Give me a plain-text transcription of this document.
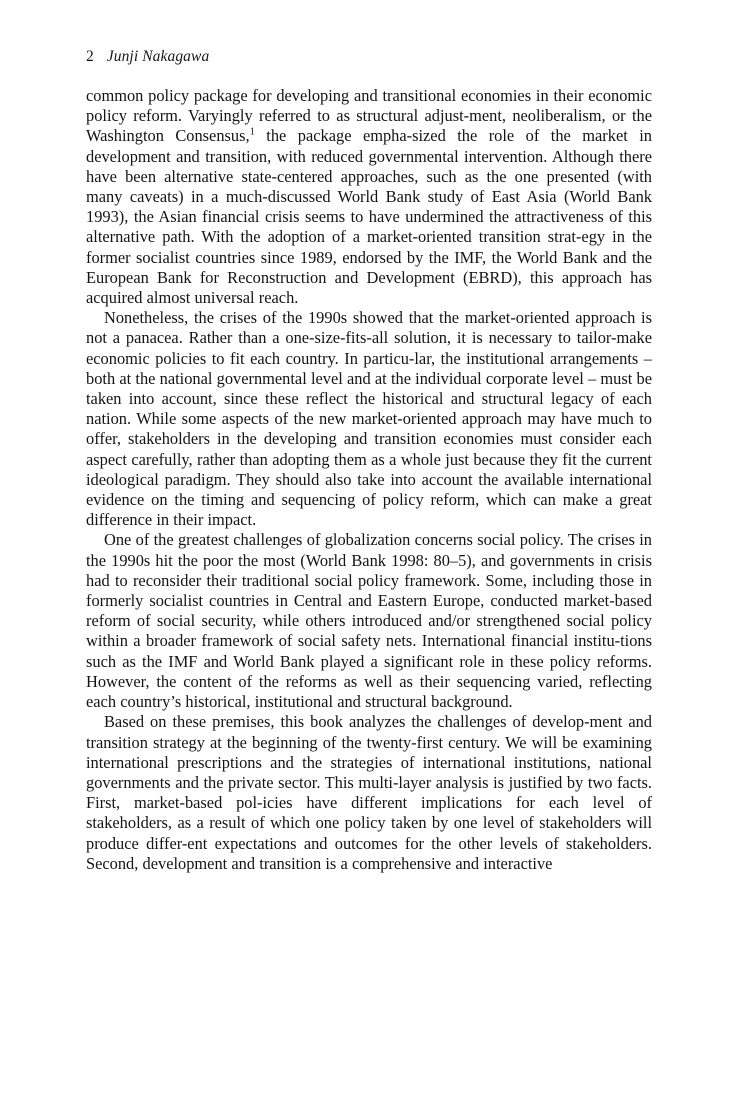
2 Junji Nakagawa

common policy package for developing and transitional economies in their economic policy reform. Varyingly referred to as structural adjust-ment, neoliberalism, or the Washington Consensus,$^1$ the package empha-sized the role of the market in development and transition, with reduced governmental intervention. Although there have been alternative state-centered approaches, such as the one presented (with many caveats) in a much-discussed World Bank study of East Asia (World Bank 1993), the Asian financial crisis seems to have undermined the attractiveness of this alternative path. With the adoption of a market-oriented transition strat-egy in the former socialist countries since 1989, endorsed by the IMF, the World Bank and the European Bank for Reconstruction and Development (EBRD), this approach has acquired almost universal reach.

Nonetheless, the crises of the 1990s showed that the market-oriented approach is not a panacea. Rather than a one-size-fits-all solution, it is necessary to tailor-make economic policies to fit each country. In particu-lar, the institutional arrangements – both at the national governmental level and at the individual corporate level – must be taken into account, since these reflect the historical and structural legacy of each nation. While some aspects of the new market-oriented approach may have much to offer, stakeholders in the developing and transition economies must consider each aspect carefully, rather than adopting them as a whole just because they fit the current ideological paradigm. They should also take into account the available international evidence on the timing and sequencing of policy reform, which can make a great difference in their impact.

One of the greatest challenges of globalization concerns social policy. The crises in the 1990s hit the poor the most (World Bank 1998: 80–5), and governments in crisis had to reconsider their traditional social policy framework. Some, including those in formerly socialist countries in Central and Eastern Europe, conducted market-based reform of social security, while others introduced and/or strengthened social policy within a broader framework of social safety nets. International financial institu-tions such as the IMF and World Bank played a significant role in these policy reforms. However, the content of the reforms as well as their sequencing varied, reflecting each country’s historical, institutional and structural background.

Based on these premises, this book analyzes the challenges of develop-ment and transition strategy at the beginning of the twenty-first century. We will be examining international prescriptions and the strategies of international institutions, national governments and the private sector. This multi-layer analysis is justified by two facts. First, market-based pol-icies have different implications for each level of stakeholders, as a result of which one policy taken by one level of stakeholders will produce differ-ent expectations and outcomes for the other levels of stakeholders. Second, development and transition is a comprehensive and interactive
